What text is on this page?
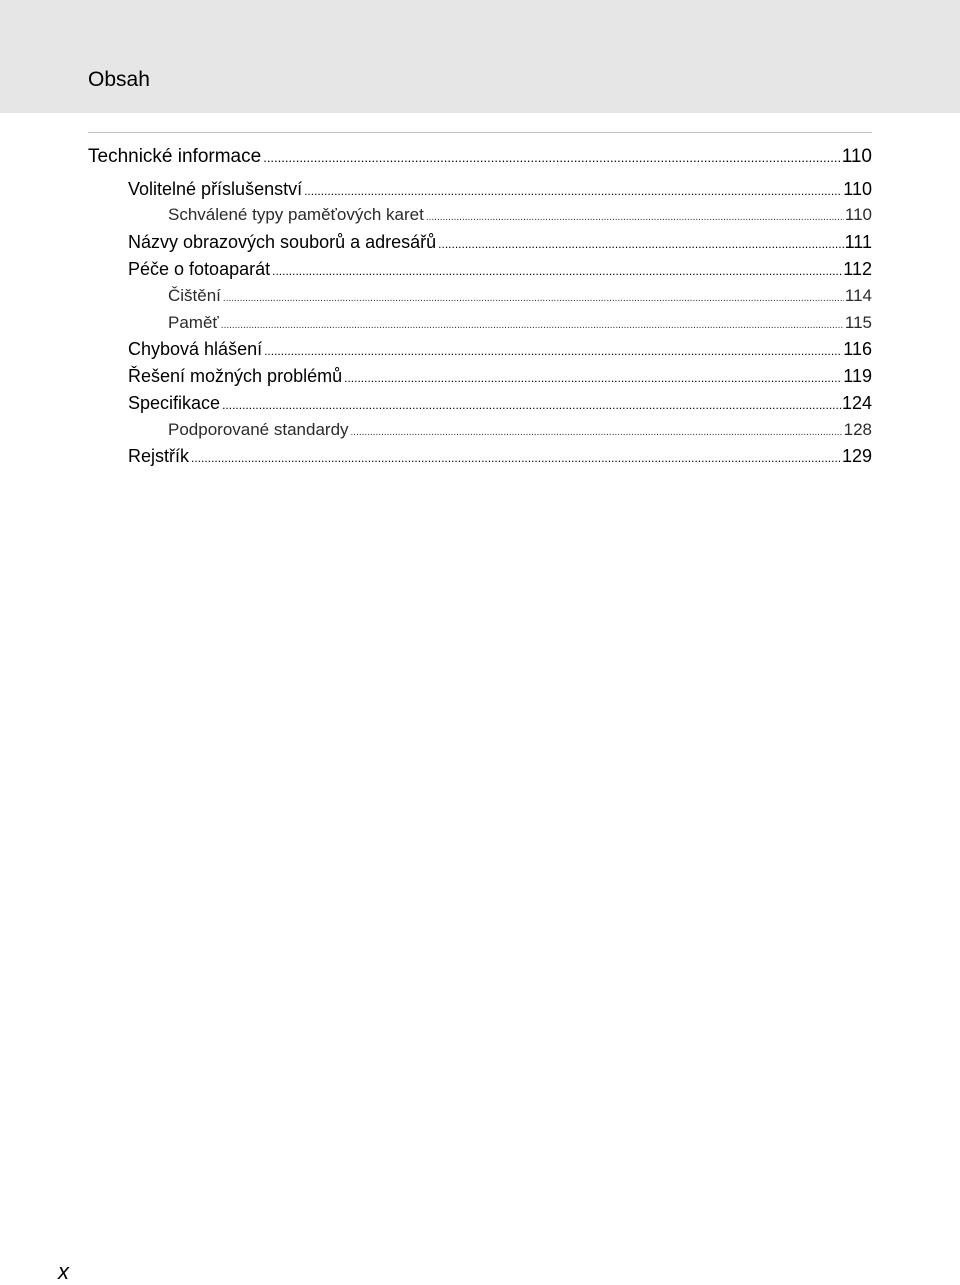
Obsah
Technické informace .....	110
Volitelné příslušenství .....	110
Schválené typy paměťových karet .....	110
Názvy obrazových souborů a adresářů .....	111
Péče o fotoaparát .....	112
Čištění .....	114
Paměť .....	115
Chybová hlášení .....	116
Řešení možných problémů .....	119
Specifikace .....	124
Podporované standardy .....	128
Rejstřík .....	129
x
